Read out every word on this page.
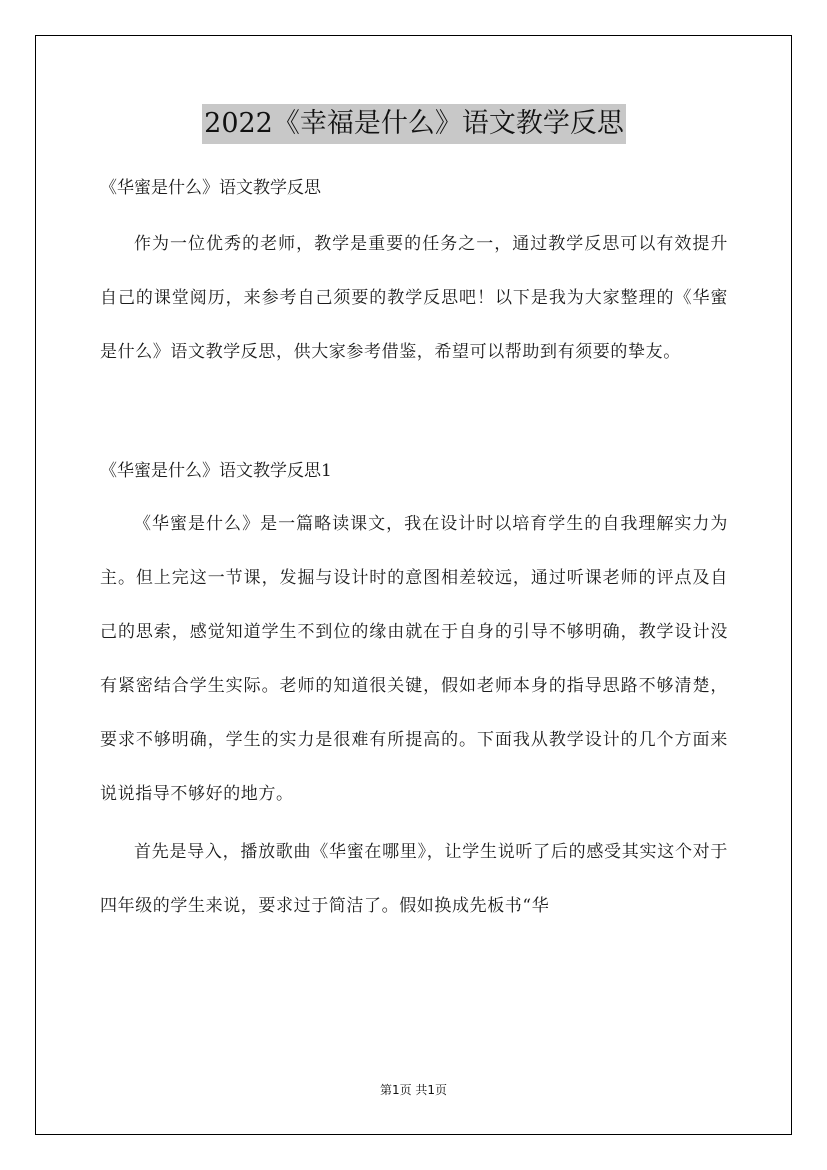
2022《幸福是什么》语文教学反思

《华蜜是什么》语文教学反思

作为一位优秀的老师，教学是重要的任务之一，通过教学反思可以有效提升自己的课堂阅历，来参考自己须要的教学反思吧！以下是我为大家整理的《华蜜是什么》语文教学反思，供大家参考借鉴，希望可以帮助到有须要的挚友。

《华蜜是什么》语文教学反思1

《华蜜是什么》是一篇略读课文，我在设计时以培育学生的自我理解实力为主。但上完这一节课，发掘与设计时的意图相差较远，通过听课老师的评点及自己的思索，感觉知道学生不到位的缘由就在于自身的引导不够明确，教学设计没有紧密结合学生实际。老师的知道很关键，假如老师本身的指导思路不够清楚，要求不够明确，学生的实力是很难有所提高的。下面我从教学设计的几个方面来说说指导不够好的地方。

首先是导入，播放歌曲《华蜜在哪里》，让学生说听了后的感受其实这个对于四年级的学生来说，要求过于简洁了。假如换成先板书“华

第1页 共1页
